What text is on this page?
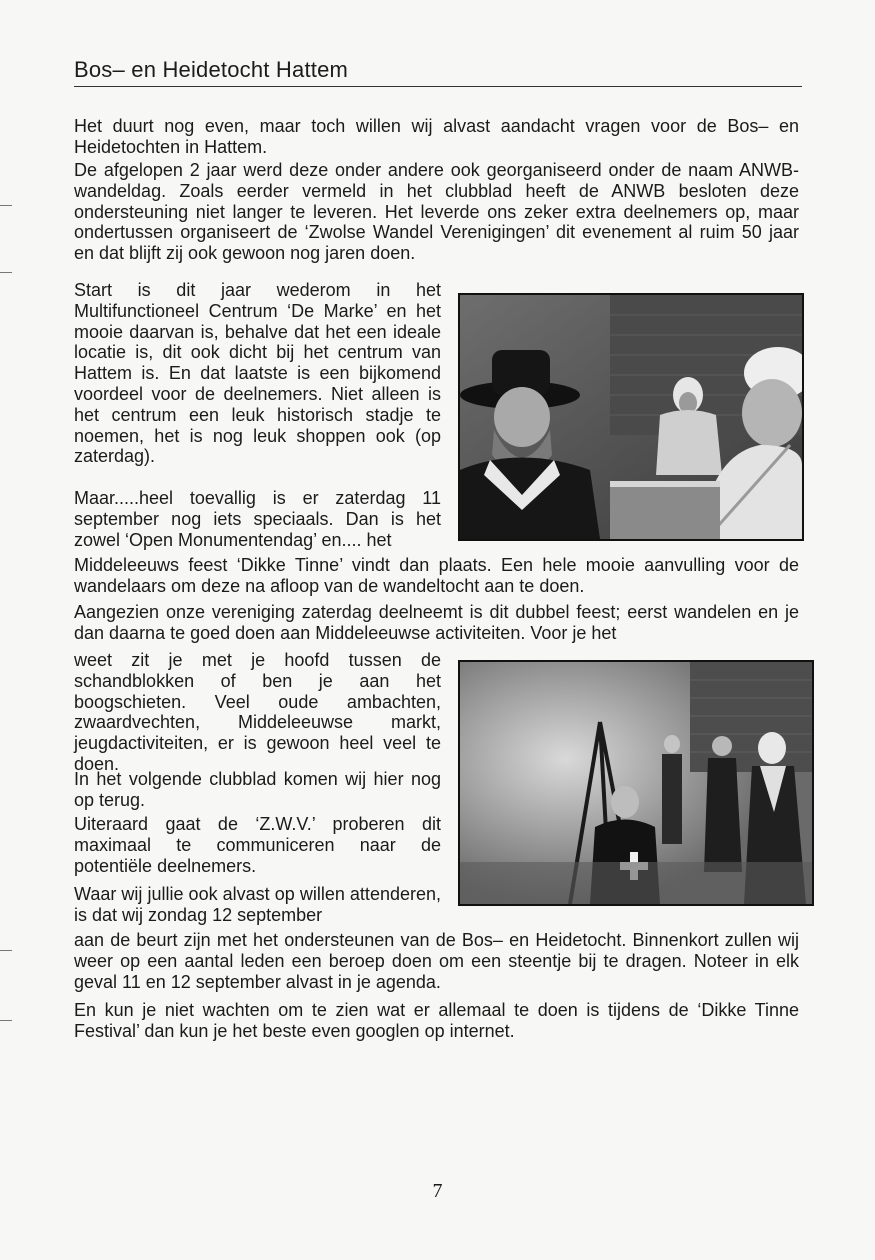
Bos– en Heidetocht Hattem

Het duurt nog even, maar toch willen wij alvast aandacht vragen voor de Bos– en Heidetochten in Hattem.

De afgelopen 2 jaar werd deze onder andere ook georganiseerd onder de naam ANWB-wandeldag. Zoals eerder vermeld in het clubblad heeft de ANWB besloten deze ondersteuning niet langer te leveren. Het leverde ons zeker extra deelnemers op, maar ondertussen organiseert de ‘Zwolse Wandel Verenigingen’ dit evenement al ruim 50 jaar en dat blijft zij ook gewoon nog jaren doen.

Start is dit jaar wederom in het Multifunctioneel Centrum ‘De Marke’ en het mooie daarvan is, behalve dat het een ideale locatie is, dit ook dicht bij het centrum van Hattem is. En dat laatste is een bijkomend voordeel voor de deelnemers. Niet alleen is het centrum een leuk historisch stadje te noemen, het is nog leuk shoppen ook (op zaterdag).

Maar.....heel toevallig is er zaterdag 11 september nog iets speciaals. Dan is het zowel ‘Open Monumentendag’ en.... het

Middeleeuws feest ‘Dikke Tinne’ vindt dan plaats. Een hele mooie aanvulling voor de wandelaars om deze na afloop van de wandeltocht aan te doen.

Aangezien onze vereniging zaterdag deelneemt is dit dubbel feest; eerst wandelen en je dan daarna te goed doen aan Middeleeuwse activiteiten. Voor je het

weet zit je met je hoofd tussen de schandblokken of ben je aan het boogschieten. Veel oude ambachten, zwaardvechten, Middeleeuwse markt, jeugdactiviteiten, er is gewoon heel veel te doen.

In het volgende clubblad komen wij hier nog op terug.

Uiteraard gaat de ‘Z.W.V.’ proberen dit maximaal te communiceren naar de potentiële deelnemers.

Waar wij jullie ook alvast op willen attenderen, is dat wij zondag 12 september

aan de beurt zijn met het ondersteunen van de Bos– en Heidetocht. Binnenkort zullen wij weer op een aantal leden een beroep doen om een steentje bij te dragen. Noteer in elk geval 11 en 12 september alvast in je agenda.

En kun je niet wachten om te zien wat er allemaal te doen is tijdens de ‘Dikke Tinne Festival’ dan kun je het beste even googlen op internet.

7
